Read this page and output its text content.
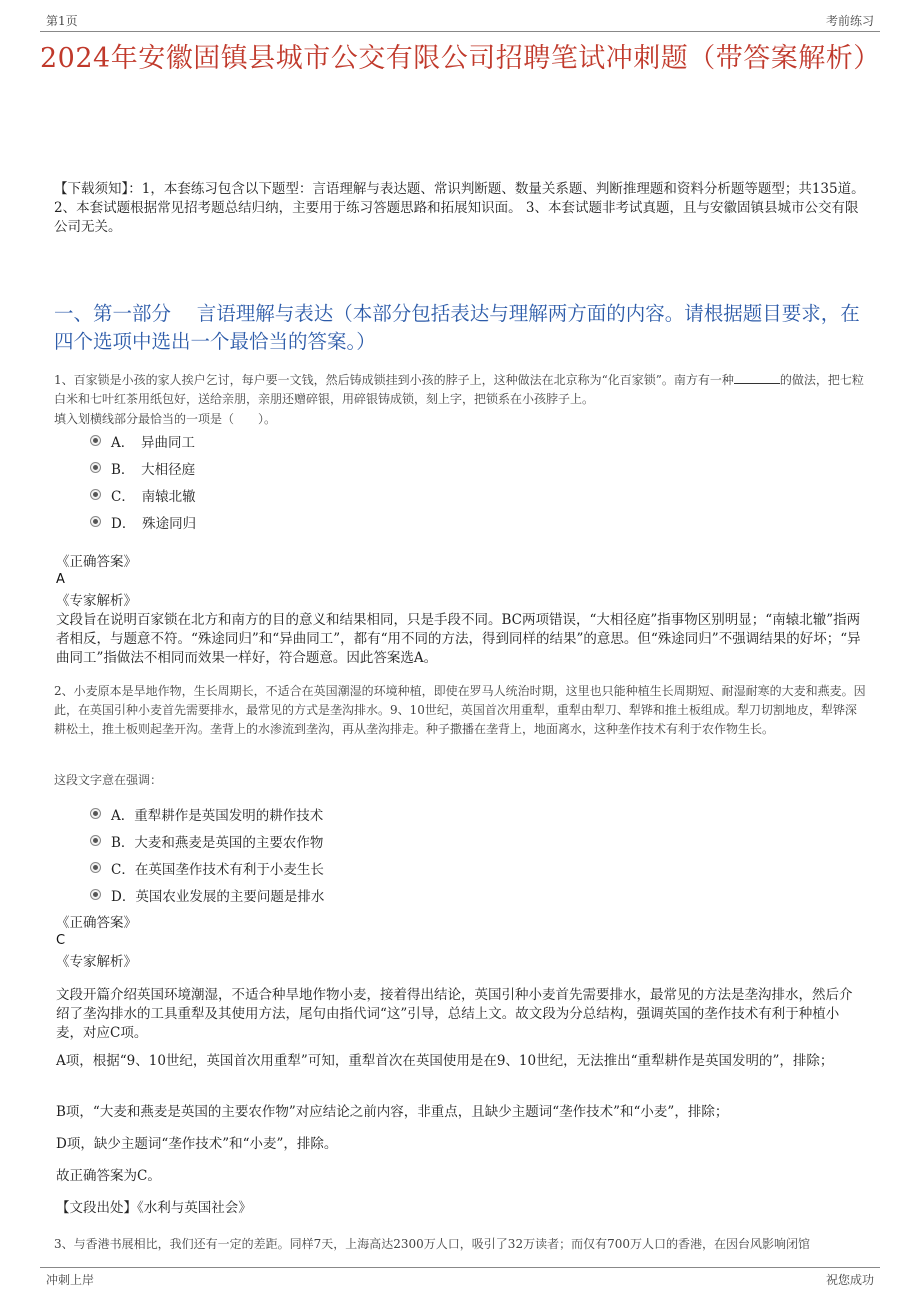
第1页	考前练习
2024年安徽固镇县城市公交有限公司招聘笔试冲刺题（带答案解析）
【下载须知】：1，本套练习包含以下题型：言语理解与表达题、常识判断题、数量关系题、判断推理题和资料分析题等题型；共135道。 2、本套试题根据常见招考题总结归纳，主要用于练习答题思路和拓展知识面。 3、本套试题非考试真题，且与安徽固镇县城市公交有限公司无关。
一、第一部分　 言语理解与表达（本部分包括表达与理解两方面的内容。请根据题目要求，在四个选项中选出一个最恰当的答案。）
1、百家锁是小孩的家人挨户乞讨，每户要一文钱，然后铸成锁挂到小孩的脖子上，这种做法在北京称为“化百家锁”。南方有一种	的做法，把七粒白米和七叶红茶用纸包好，送给亲朋，亲朋还赠碎银，用碎银铸成锁，刻上字，把锁系在小孩脖子上。
填入划横线部分最恰当的一项是（　　）。
A．　异曲同工
B．　大相径庭
C．　南辕北辙
D．　殊途同归
《正确答案》
A
《专家解析》
文段旨在说明百家锁在北方和南方的目的意义和结果相同，只是手段不同。BC两项错误，“大相径庭”指事物区别明显；“南辕北辙”指两者相反，与题意不符。“殊途同归”和“异曲同工”，都有“用不同的方法，得到同样的结果”的意思。但“殊途同归”不强调结果的好坏；“异曲同工”指做法不相同而效果一样好，符合题意。因此答案选A。
2、小麦原本是旱地作物，生长周期长，不适合在英国潮湿的环境种植，即使在罗马人统治时期，这里也只能种植生长周期短、耐湿耐寒的大麦和燕麦。因此，在英国引种小麦首先需要排水，最常见的方式是垄沟排水。9、10世纪，英国首次用重犁，重犁由犁刀、犁铧和推土板组成。犁刀切割地皮，犁铧深耕松土，推土板则起垄开沟。垄背上的水渗流到垄沟，再从垄沟排走。种子撒播在垄背上，地面离水，这种垄作技术有利于农作物生长。
这段文字意在强调：
A．重犁耕作是英国发明的耕作技术
B．大麦和燕麦是英国的主要农作物
C．在英国垄作技术有利于小麦生长
D．英国农业发展的主要问题是排水
《正确答案》
C
《专家解析》
文段开篇介绍英国环境潮湿，不适合种旱地作物小麦，接着得出结论，英国引种小麦首先需要排水，最常见的方法是垄沟排水，然后介绍了垄沟排水的工具重犁及其使用方法，尾句由指代词“这”引导，总结上文。故文段为分总结构，强调英国的垄作技术有利于种植小麦，对应C项。
A项，根据“9、10世纪，英国首次用重犁”可知，重犁首次在英国使用是在9、10世纪，无法推出“重犁耕作是英国发明的”，排除；
B项，“大麦和燕麦是英国的主要农作物”对应结论之前内容，非重点，且缺少主题词“垄作技术”和“小麦”，排除；
D项，缺少主题词“垄作技术”和“小麦”，排除。
故正确答案为C。
【文段出处】《水利与英国社会》
3、与香港书展相比，我们还有一定的差距。同样7天，上海高达2300万人口，吸引了32万读者；而仅有700万人口的香港，在因台风影响闭馆
冲刺上岸	祝您成功
